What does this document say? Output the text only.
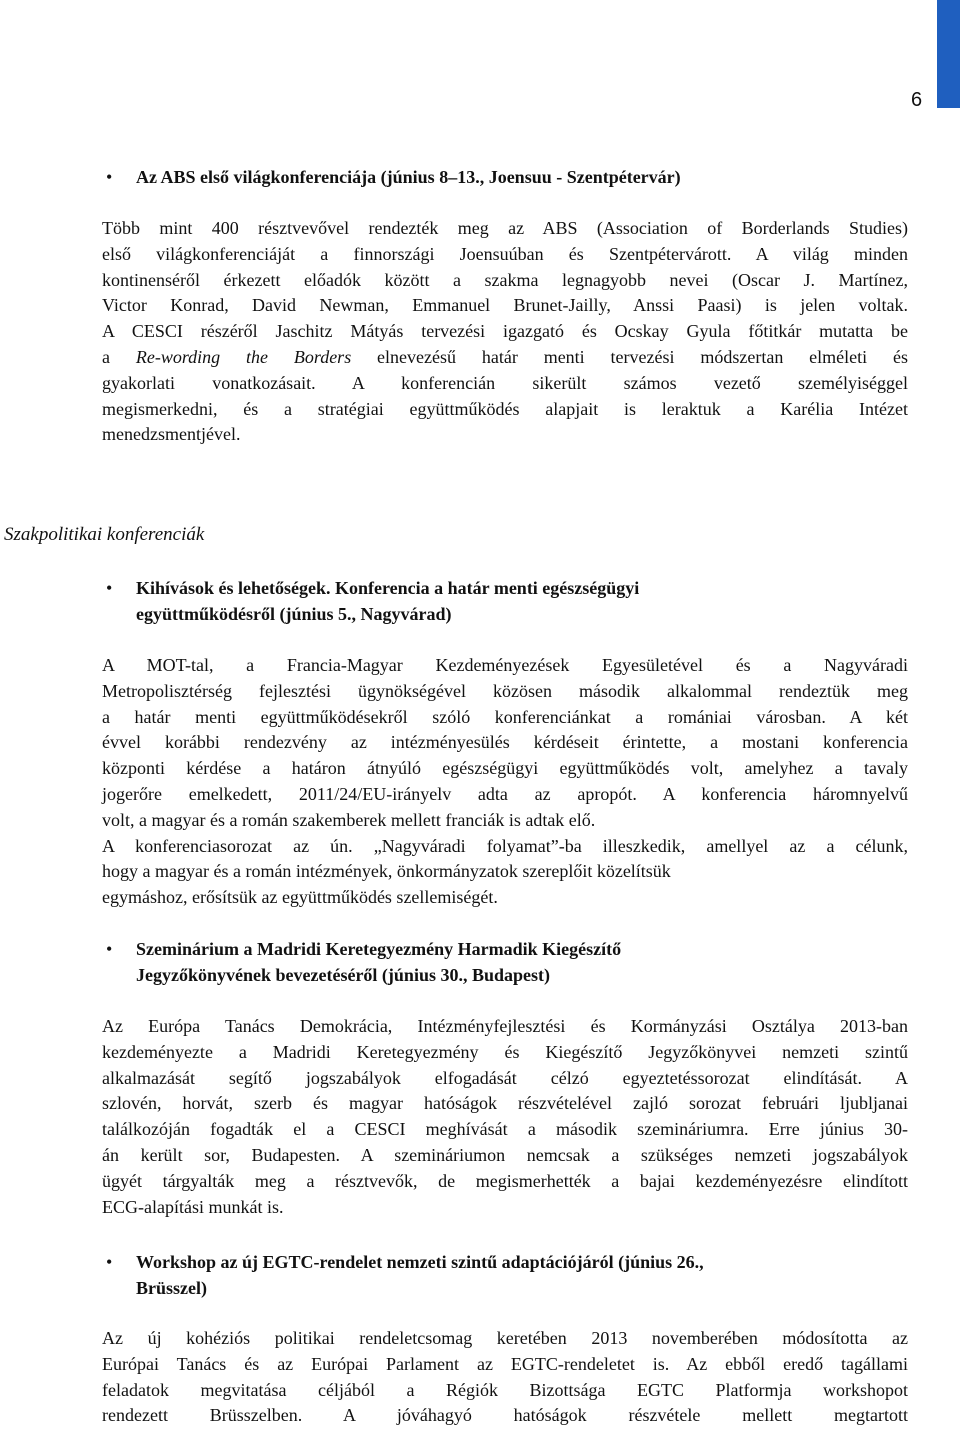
6
• Az ABS első világkonferenciája (június 8–13., Joensuu - Szentpétervár)
Több mint 400 résztvevővel rendezték meg az ABS (Association of Borderlands Studies)
első világkonferenciáját a finnországi Joensuúban és Szentpétervárott. A világ minden
kontinenséről érkezett előadók között a szakma legnagyobb nevei (Oscar J. Martínez,
Victor Konrad, David Newman, Emmanuel Brunet-Jailly, Anssi Paasi) is jelen voltak.
A CESCI részéről Jaschitz Mátyás tervezési igazgató és Ocskay Gyula főtitkár mutatta be
a Re-wording the Borders elnevezésű határ menti tervezési módszertan elméleti és
gyakorlati vonatkozásait. A konferencián sikerült számos vezető személyiséggel
megismerkedni, és a stratégiai együttműködés alapjait is leraktuk a Karélia Intézet
menedzsmentjével.
Szakpolitikai konferenciák
• Kihívások és lehetőségek. Konferencia a határ menti egészségügyi
együttműködésről (június 5., Nagyvárad)
A MOT-tal, a Francia-Magyar Kezdeményezések Egyesületével és a Nagyváradi
Metropolisztérség fejlesztési ügynökségével közösen második alkalommal rendeztük meg
a határ menti együttműködésekről szóló konferenciánkat a romániai városban. A két
évvel korábbi rendezvény az intézményesülés kérdéseit érintette, a mostani konferencia
központi kérdése a határon átnyúló egészségügyi együttműködés volt, amelyhez a tavaly
jogerőre emelkedett, 2011/24/EU-irányelv adta az apropót. A konferencia háromnyelvű
volt, a magyar és a román szakemberek mellett franciák is adtak elő.
A konferenciasorozat az ún. „Nagyváradi folyamat”-ba illeszkedik, amellyel az a célunk,
hogy a magyar és a román intézmények, önkormányzatok szereplőit közelítsük
egymáshoz, erősítsük az együttműködés szellemiségét.
• Szeminárium a Madridi Keretegyezmény Harmadik Kiegészítő
Jegyzőkönyvének bevezetéséről (június 30., Budapest)
Az Európa Tanács Demokrácia, Intézményfejlesztési és Kormányzási Osztálya 2013-ban
kezdeményezte a Madridi Keretegyezmény és Kiegészítő Jegyzőkönyvei nemzeti szintű
alkalmazását segítő jogszabályok elfogadását célzó egyeztetéssorozat elindítását. A
szlovén, horvát, szerb és magyar hatóságok részvételével zajló sorozat februári ljubljanai
találkozóján fogadták el a CESCI meghívását a második szemináriumra. Erre június 30-
án került sor, Budapesten. A szemináriumon nemcsak a szükséges nemzeti jogszabályok
ügyét tárgyalták meg a résztvevők, de megismerhették a bajai kezdeményezésre elindított
ECG-alapítási munkát is.
• Workshop az új EGTC-rendelet nemzeti szintű adaptációjáról (június 26.,
Brüsszel)
Az új kohéziós politikai rendeletcsomag keretében 2013 novemberében módosította az
Európai Tanács és az Európai Parlament az EGTC-rendeletet is. Az ebből eredő tagállami
feladatok megvitatása céljából a Régiók Bizottsága EGTC Platformja workshopot
rendezett Brüsszelben. A jóváhagyó hatóságok részvétele mellett megtartott
